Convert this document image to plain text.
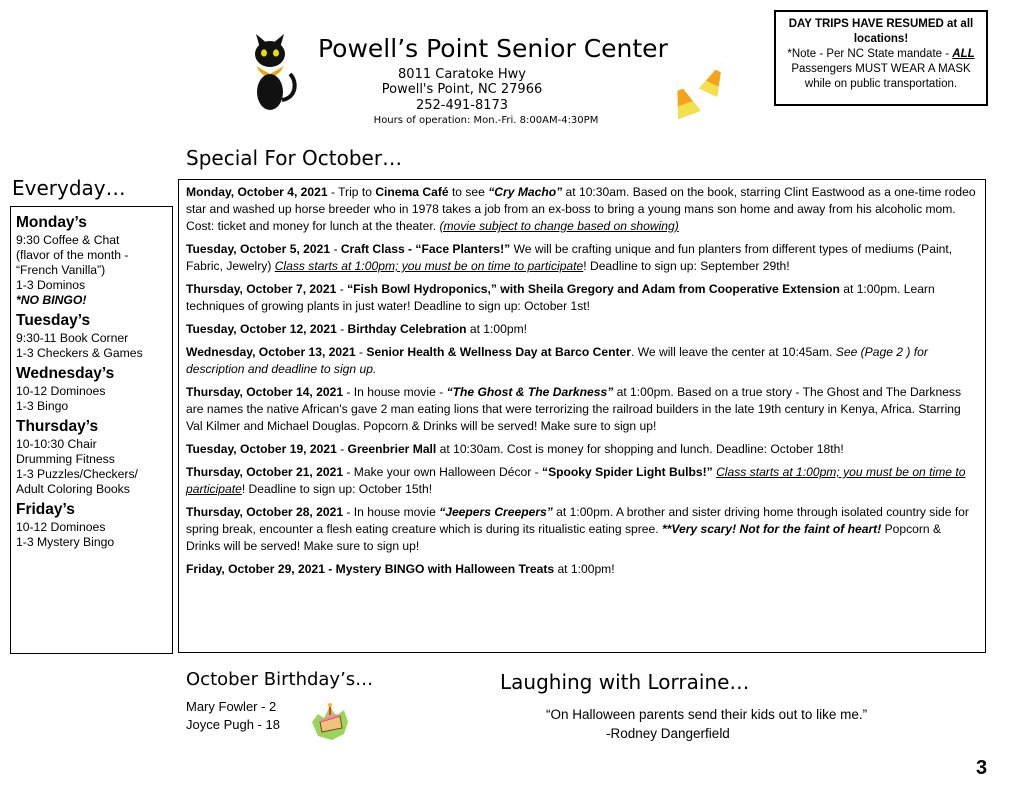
Powell’s Point Senior Center
8011 Caratoke Hwy
Powell's Point, NC 27966
252-491-8173
Hours of operation: Mon.-Fri. 8:00AM-4:30PM
DAY TRIPS HAVE RESUMED at all locations!
*Note - Per NC State mandate - ALL Passengers MUST WEAR A MASK while on public transportation.
Special For October…
Everyday…
Monday’s
9:30 Coffee & Chat
(flavor of the month -
“French Vanilla”)
1-3 Dominos
*NO BINGO!
Tuesday’s
9:30-11 Book Corner
1-3 Checkers & Games
Wednesday’s
10-12 Dominoes
1-3 Bingo
Thursday’s
10-10:30 Chair
Drumming Fitness
1-3 Puzzles/Checkers/
Adult Coloring Books
Friday’s
10-12 Dominoes
1-3 Mystery Bingo

Monday, October 4, 2021 - Trip to Cinema Café to see “Cry Macho” at 10:30am. Based on the book, starring Clint Eastwood as a one-time rodeo star and washed up horse breeder who in 1978 takes a job from an ex-boss to bring a young mans son home and away from his alcoholic mom. Cost: ticket and money for lunch at the theater. (movie subject to change based on showing)

Tuesday, October 5, 2021 - Craft Class - “Face Planters!” We will be crafting unique and fun planters from different types of mediums (Paint, Fabric, Jewelry) Class starts at 1:00pm; you must be on time to participate! Deadline to sign up: September 29th!

Thursday, October 7, 2021 - “Fish Bowl Hydroponics,” with Sheila Gregory and Adam from Cooperative Extension at 1:00pm. Learn techniques of growing plants in just water! Deadline to sign up: October 1st!

Tuesday, October 12, 2021 - Birthday Celebration at 1:00pm!

Wednesday, October 13, 2021 - Senior Health & Wellness Day at Barco Center. We will leave the center at 10:45am. See (Page 2 ) for description and deadline to sign up.

Thursday, October 14, 2021 - In house movie - “The Ghost & The Darkness” at 1:00pm. Based on a true story - The Ghost and The Darkness are names the native African's gave 2 man eating lions that were terrorizing the railroad builders in the late 19th century in Kenya, Africa. Starring Val Kilmer and Michael Douglas. Popcorn & Drinks will be served! Make sure to sign up!

Tuesday, October 19, 2021 - Greenbrier Mall at 10:30am. Cost is money for shopping and lunch. Deadline: October 18th!

Thursday, October 21, 2021 - Make your own Halloween Décor - “Spooky Spider Light Bulbs!” Class starts at 1:00pm; you must be on time to participate! Deadline to sign up: October 15th!

Thursday, October 28, 2021 - In house movie “Jeepers Creepers” at 1:00pm. A brother and sister driving home through isolated country side for spring break, encounter a flesh eating creature which is during its ritualistic eating spree. **Very scary! Not for the faint of heart! Popcorn & Drinks will be served! Make sure to sign up!

Friday, October 29, 2021 - Mystery BINGO with Halloween Treats at 1:00pm!

October Birthday’s…
Mary Fowler - 2
Joyce Pugh - 18
Laughing with Lorraine…
“On Halloween parents send their kids out to like me.”
-Rodney Dangerfield
3
